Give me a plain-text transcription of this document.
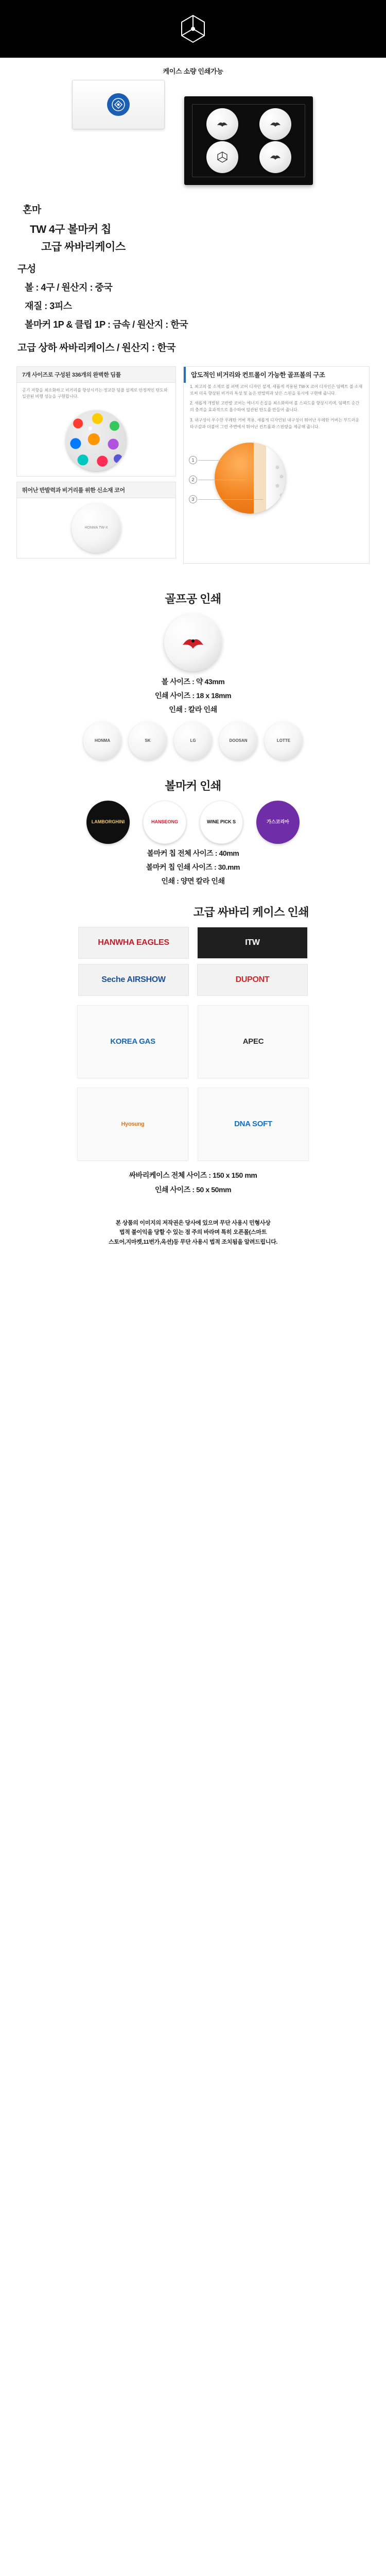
케이스 소량 인쇄가능
혼마
TW 4구 볼마커 칩
고급 싸바리케이스
구성
볼 : 4구 / 원산지 : 중국
재질 : 3피스
볼마커 1P & 클립 1P : 금속 / 원산지 : 한국
고급 상하 싸바리케이스 / 원산지 : 한국
7개 사이즈로 구성된 336개의 완벽한 딤플
공기 저항을 최소화하고 비거리를 향상시키는 정교한 딤플 설계로 안정적인 탄도와 일관된 비행 성능을 구현합니다.
뛰어난 반발력과 비거리를 위한 신소재 코어
HONMA TW-X
압도적인 비거리와 컨트롤이 가능한 골프볼의 구조

1. 최고의 볼 소재로 볼 퍼텍 코어 디자인 설계, 새롭게 적용된 TW-X 코어 디자인은 임팩트 볼 소재로써 더욱 향상된 비거리 특성 및 높은 반발력과 낮은 스핀을 동시에 구현해 줍니다.

2. 새롭게 개발된 고반발 코어는 에너지 손실을 최소화하여 볼 스피드를 향상시키며, 임팩트 순간의 충격을 효과적으로 흡수하여 일관된 탄도를 만들어 줍니다.

3. 내구성이 우수한 우레탄 커버 적용, 새롭게 디자인된 내구성이 뛰어난 우레탄 커버는 부드러운 타구감과 더불어 그린 주변에서 뛰어난 컨트롤과 스핀량을 제공해 줍니다.

1
2
3
골프공 인쇄
볼 사이즈 : 약 43mm
인쇄 사이즈 : 18 x 18mm
인쇄 : 칼라 인쇄
HONMA	SK	LG	DOOSAN	LOTTE
볼마커 인쇄
LAMBORGHINI	HANSEONG	WINE PICK S	가스코리아
볼마커 칩 전체 사이즈 : 40mm
볼마커 칩 인쇄 사이즈 : 30.mm
인쇄 : 양면 칼라 인쇄
고급 싸바리 케이스 인쇄
HANWHA EAGLES	ITW
Seche AIRSHOW	DUPONT
KOREA GAS	APEC
Hyosung	DNA SOFT
싸바리케이스 전체 사이즈 : 150 x 150 mm
인쇄 사이즈 : 50 x 50mm
본 상품의 이미지의 저작권은 당사에 있으며 무단 사용시 민형사상
법적 불이익을 당할 수 있는 점 주의 바라며 특히 오픈몰(스마트
스토어,지마켓,11번가,옥션)등 무단 사용시 법적 조치됨을 알려드립니다.
